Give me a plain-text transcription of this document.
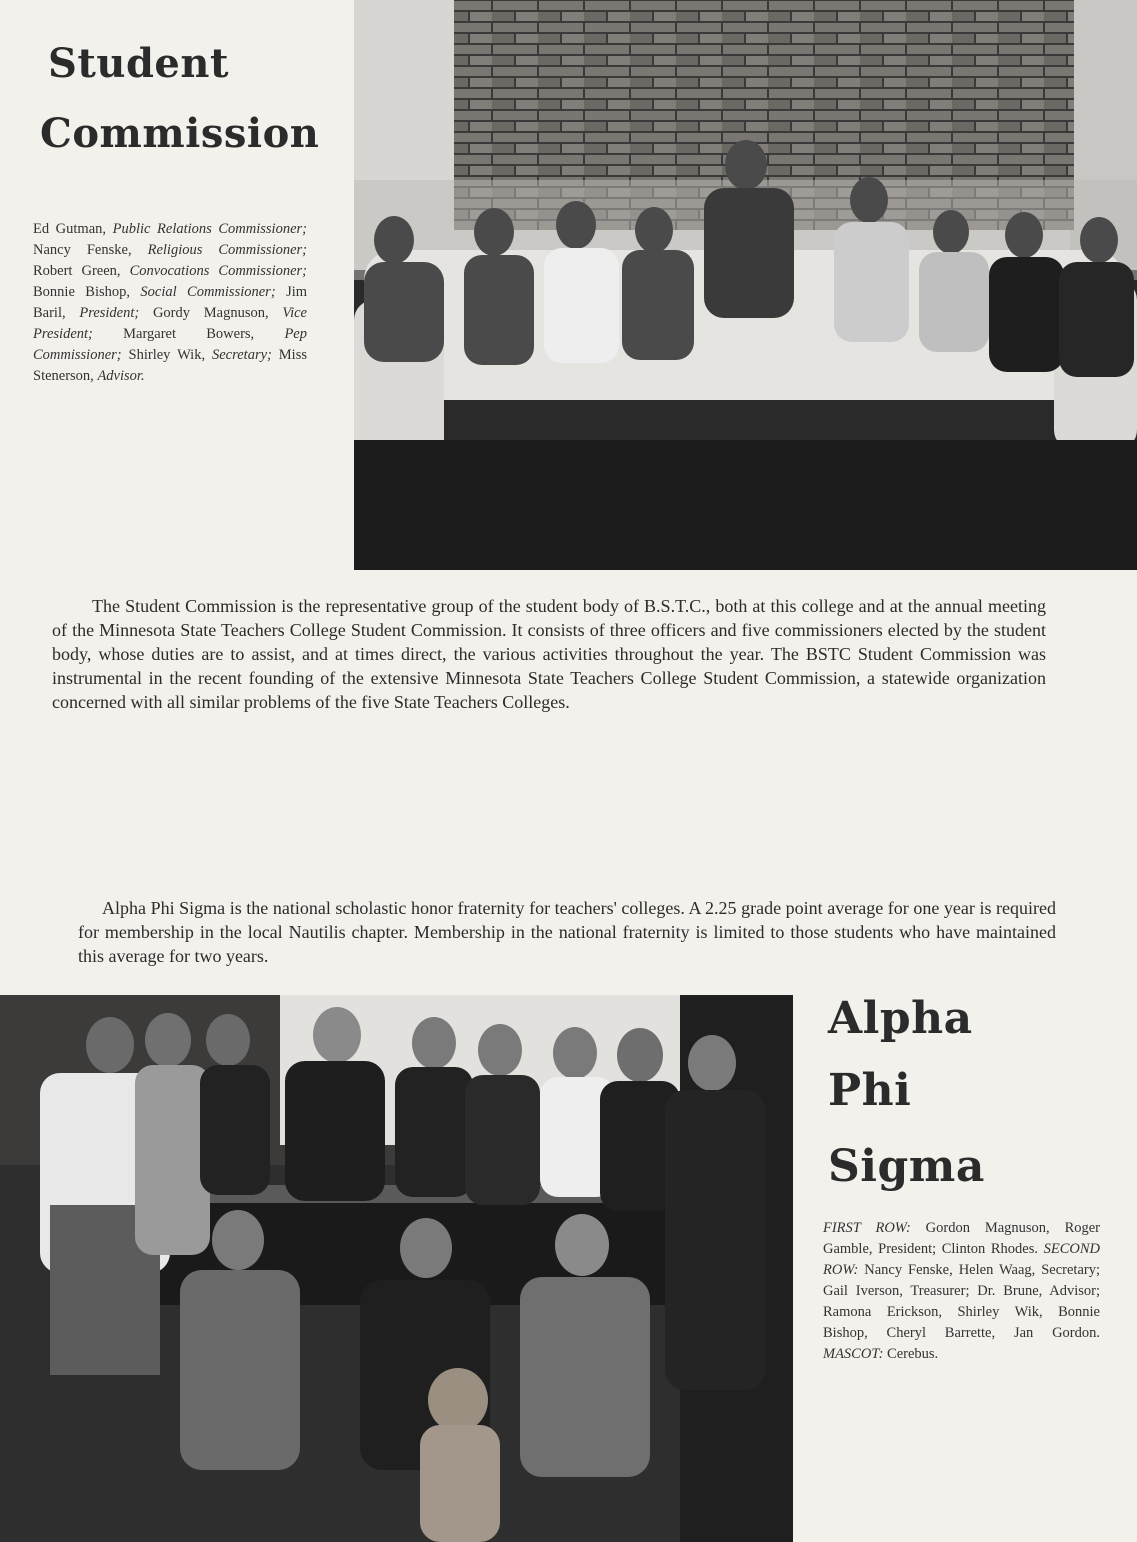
Student
Commission
Ed Gutman, Public Relations Commissioner; Nancy Fenske, Religious Commissioner; Robert Green, Convocations Commissioner; Bonnie Bishop, Social Commissioner; Jim Baril, President; Gordy Magnuson, Vice President; Margaret Bowers, Pep Commissioner; Shirley Wik, Secretary; Miss Stenerson, Advisor.
The Student Commission is the representative group of the student body of B.S.T.C., both at this college and at the annual meeting of the Minnesota State Teachers College Student Commission. It consists of three officers and five commissioners elected by the student body, whose duties are to assist, and at times direct, the various activities throughout the year. The BSTC Student Commission was instrumental in the recent founding of the extensive Minnesota State Teachers College Student Commission, a statewide organization concerned with all similar problems of the five State Teachers Colleges.
Alpha Phi Sigma is the national scholastic honor fraternity for teachers' colleges. A 2.25 grade point average for one year is required for membership in the local Nautilis chapter. Membership in the national fraternity is limited to those students who have maintained this average for two years.
Alpha
Phi
Sigma
FIRST ROW: Gordon Magnuson, Roger Gamble, President; Clinton Rhodes. SECOND ROW: Nancy Fenske, Helen Waag, Secretary; Gail Iverson, Treasurer; Dr. Brune, Advisor; Ramona Erickson, Shirley Wik, Bonnie Bishop, Cheryl Barrette, Jan Gordon. MASCOT: Cerebus.
